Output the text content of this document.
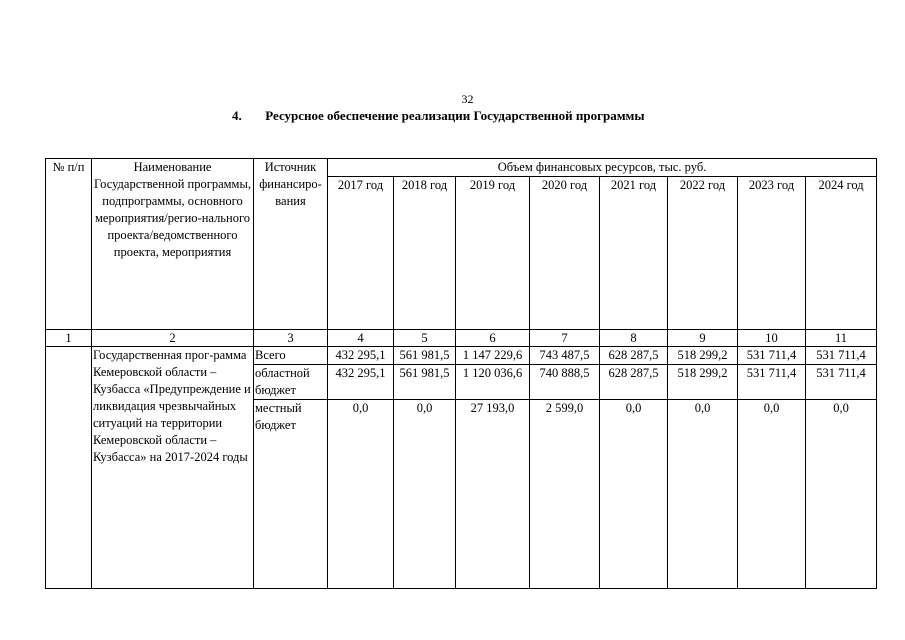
32
4. Ресурсное обеспечение реализации Государственной программы
№ п/п	Наименование Государственной программы, подпрограммы, основного мероприятия/регио-нального проекта/ведомственного проекта, мероприятия	Источник финансиро-вания	Объем финансовых ресурсов, тыс. руб.							
			2017 год	2018 год	2019 год	2020 год	2021 год	2022 год	2023 год	2024 год
1	2	3	4	5	6	7	8	9	10	11
	Государственная прог-рамма Кемеровской области – Кузбасса «Предупреждение и ликвидация чрезвычайных ситуаций на территории Кемеровской области – Кузбасса» на 2017-2024 годы	Всего	432 295,1	561 981,5	1 147 229,6	743 487,5	628 287,5	518 299,2	531 711,4	531 711,4
		областной бюджет	432 295,1	561 981,5	1 120 036,6	740 888,5	628 287,5	518 299,2	531 711,4	531 711,4
		местный бюджет	0,0	0,0	27 193,0	2 599,0	0,0	0,0	0,0	0,0
